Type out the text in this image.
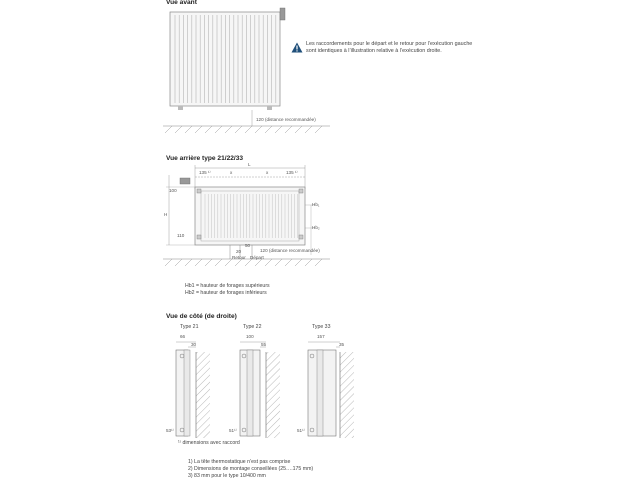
Vue avant
120 (distance recommandée)
Les raccordements pour le départ et le retour pour l’exécution gauche sont identiques à l’illustration relative à l’exécution droite.
Vue arrière type 21/22/33
L
135 ¹⁾	x	x	135 ¹⁾
100
H
110
Hb₁
Hb₂
50
20
Retour Départ
120 (distance recommandée)
Hb1 = hauteur de forages supérieurs
Hb2 = hauteur de forages inférieurs
Vue de côté (de droite)
Type 21	Type 22	Type 33
66
30
53¹⁾
100
55
51¹⁾
157
35
51¹⁾
¹⁾ dimensions avec raccord
1) La tête thermostatique n’est pas comprise
2) Dimensions de montage conseillées (25….175 mm)
3) 83 mm pour le type 10/400 mm
